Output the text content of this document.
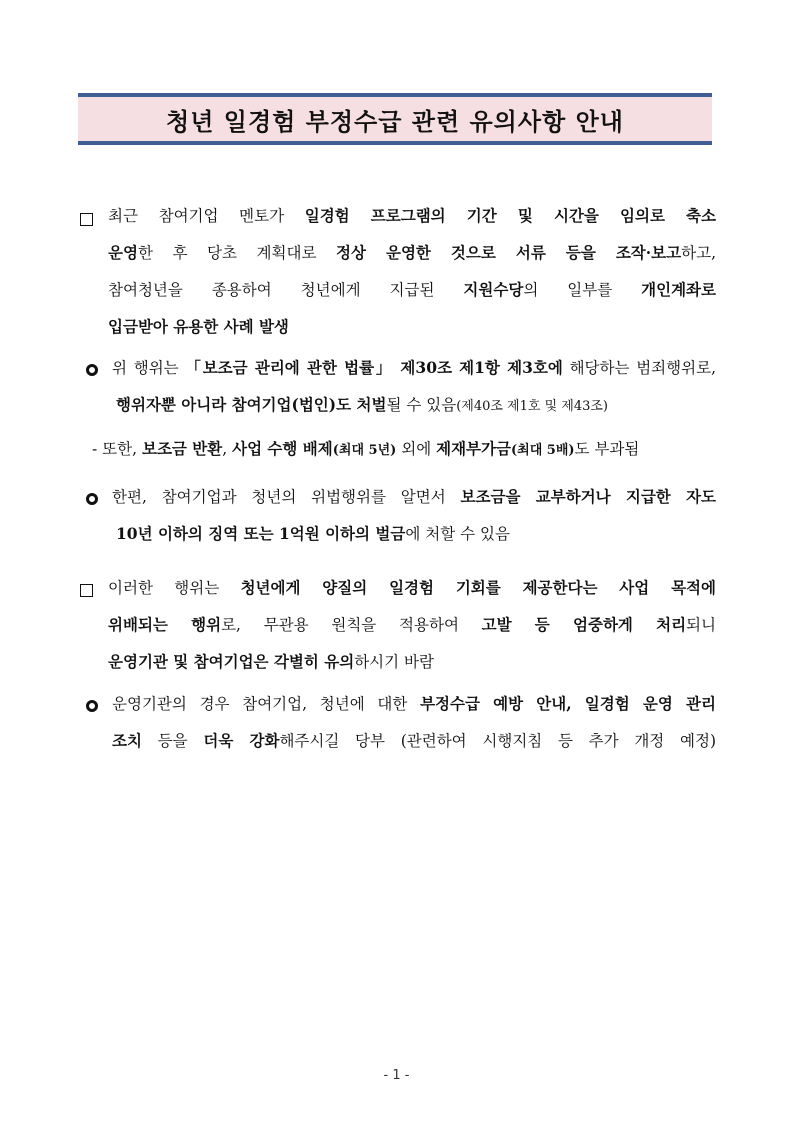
청년 일경험 부정수급 관련 유의사항 안내
최근 참여기업 멘토가 일경험 프로그램의 기간 및 시간을 임의로 축소
운영한 후 당초 계획대로 정상 운영한 것으로 서류 등을 조작·보고하고,
참여청년을 종용하여 청년에게 지급된 지원수당의 일부를 개인계좌로
입금받아 유용한 사례 발생
위 행위는 「보조금 관리에 관한 법률」 제30조 제1항 제3호에 해당하는 범죄행위로,
행위자뿐 아니라 참여기업(법인)도 처벌될 수 있음(제40조 제1호 및 제43조)
- 또한, 보조금 반환, 사업 수행 배제(최대 5년) 외에 제재부가금(최대 5배)도 부과됨
한편, 참여기업과 청년의 위법행위를 알면서 보조금을 교부하거나 지급한 자도
10년 이하의 징역 또는 1억원 이하의 벌금에 처할 수 있음
이러한 행위는 청년에게 양질의 일경험 기회를 제공한다는 사업 목적에
위배되는 행위로, 무관용 원칙을 적용하여 고발 등 엄중하게 처리되니
운영기관 및 참여기업은 각별히 유의하시기 바람
운영기관의 경우 참여기업, 청년에 대한 부정수급 예방 안내, 일경험 운영 관리
조치 등을 더욱 강화해주시길 당부 (관련하여 시행지침 등 추가 개정 예정)
- 1 -
